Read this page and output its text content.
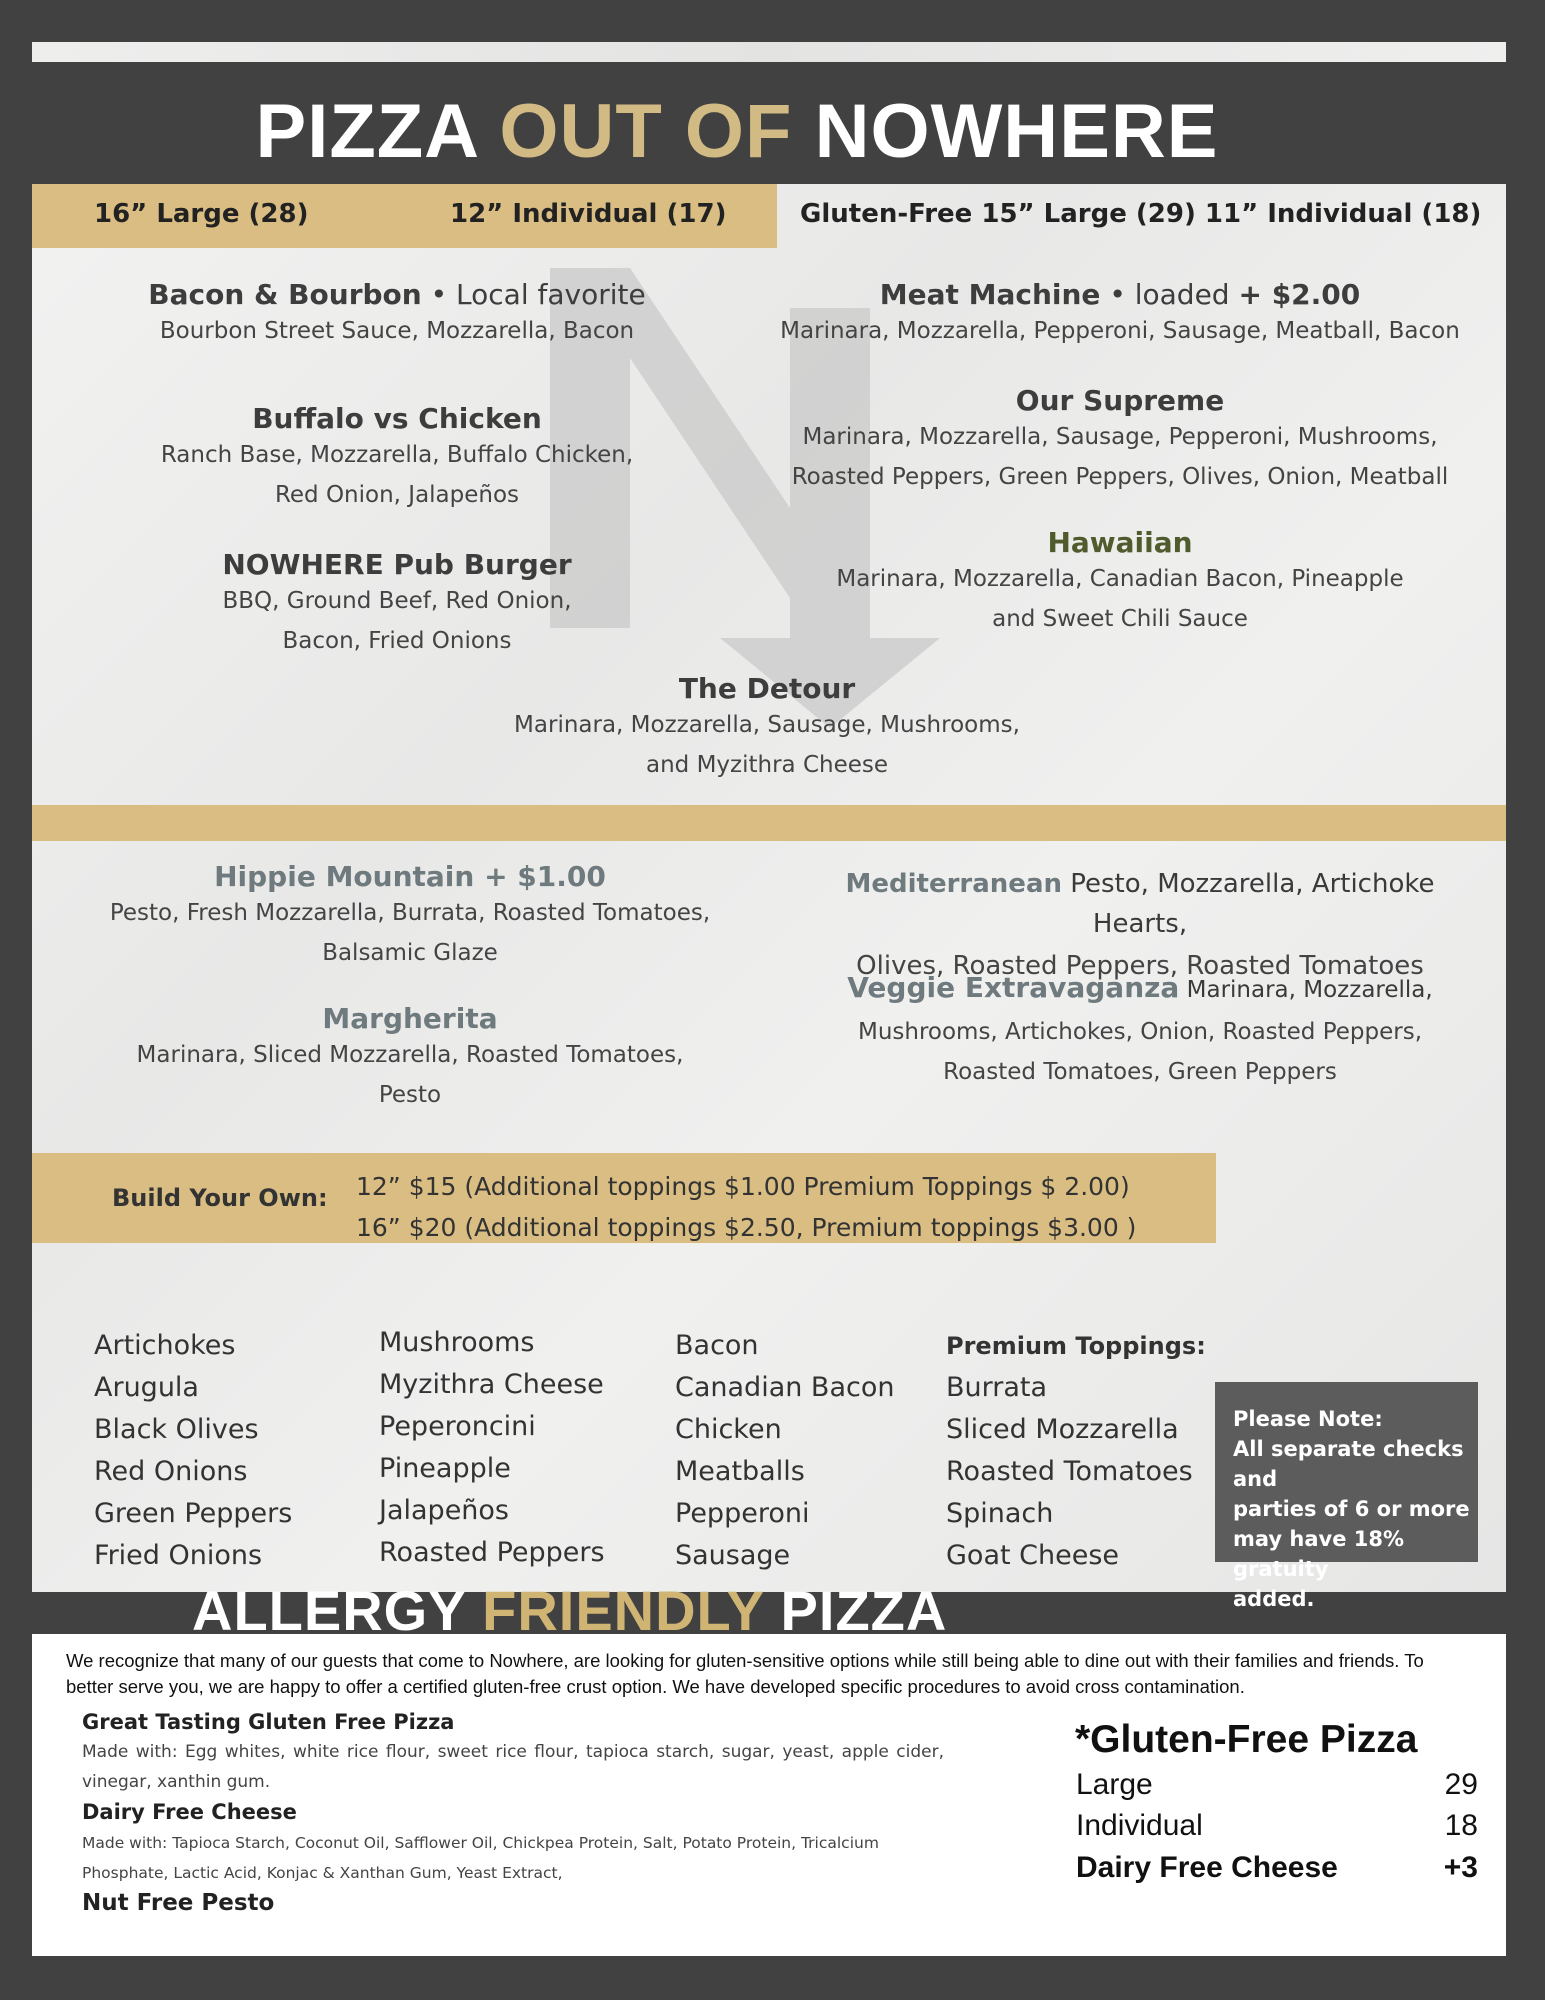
PIZZA OUT OF NOWHERE
16” Large (28)	12” Individual (17)	Gluten-Free 15” Large (29) 11” Individual (18)
Bacon & Bourbon • Local favorite
Bourbon Street Sauce, Mozzarella, Bacon
Buffalo vs Chicken
Ranch Base, Mozzarella, Buffalo Chicken,
Red Onion, Jalapeños
NOWHERE Pub Burger
BBQ, Ground Beef, Red Onion,
Bacon, Fried Onions
Meat Machine • loaded + $2.00
Marinara, Mozzarella, Pepperoni, Sausage, Meatball, Bacon
Our Supreme
Marinara, Mozzarella, Sausage, Pepperoni, Mushrooms,
Roasted Peppers, Green Peppers, Olives, Onion, Meatball
Hawaiian
Marinara, Mozzarella, Canadian Bacon, Pineapple
and Sweet Chili Sauce
The Detour
Marinara, Mozzarella, Sausage, Mushrooms,
and Myzithra Cheese
Hippie Mountain + $1.00
Pesto, Fresh Mozzarella, Burrata, Roasted Tomatoes,
Balsamic Glaze
Margherita
Marinara, Sliced Mozzarella, Roasted Tomatoes,
Pesto
Mediterranean Pesto, Mozzarella, Artichoke Hearts,
Olives, Roasted Peppers, Roasted Tomatoes
Veggie Extravaganza Marinara, Mozzarella,
Mushrooms, Artichokes, Onion, Roasted Peppers,
Roasted Tomatoes, Green Peppers
Build Your Own: 12” $15 (Additional toppings $1.00 Premium Toppings $ 2.00)
16” $20 (Additional toppings $2.50, Premium toppings $3.00 )
Artichokes
Arugula
Black Olives
Red Onions
Green Peppers
Fried Onions
Mushrooms
Myzithra Cheese
Peperoncini
Pineapple
Jalapeños
Roasted Peppers
Bacon
Canadian Bacon
Chicken
Meatballs
Pepperoni
Sausage
Premium Toppings:
Burrata
Sliced Mozzarella
Roasted Tomatoes
Spinach
Goat Cheese
Please Note:
All separate checks and
parties of 6 or more
may have 18% gratuity
added.
ALLERGY FRIENDLY PIZZA
We recognize that many of our guests that come to Nowhere, are looking for gluten-sensitive options while still being able to dine out with their families and friends. To better serve you, we are happy to offer a certified gluten-free crust option. We have developed specific procedures to avoid cross contamination.
Great Tasting Gluten Free Pizza
Made with: Egg whites, white rice flour, sweet rice flour, tapioca starch, sugar, yeast, apple cider, vinegar, xanthin gum.
Dairy Free Cheese
Made with: Tapioca Starch, Coconut Oil, Safflower Oil, Chickpea Protein, Salt, Potato Protein, Tricalcium Phosphate, Lactic Acid, Konjac & Xanthan Gum, Yeast Extract,
Nut Free Pesto
*Gluten-Free Pizza
Large	29
Individual	18
Dairy Free Cheese	+3
